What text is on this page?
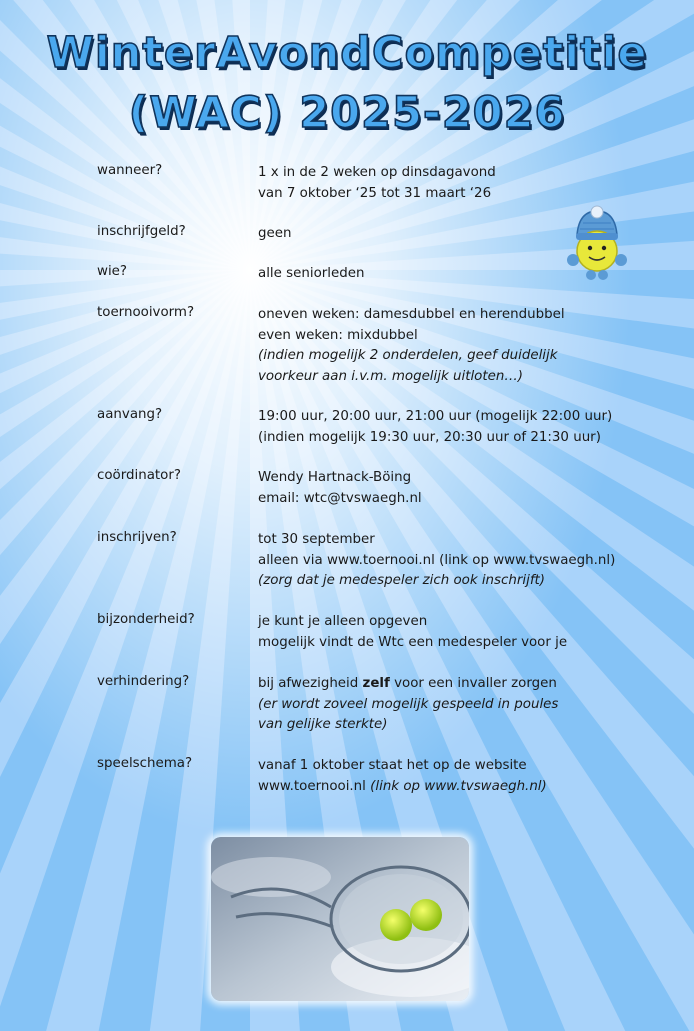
WinterAvondCompetitie
(WAC) 2025-2026
wanneer?	1 x in de 2 weken op dinsdagavond
van 7 oktober ‘25 tot 31 maart ‘26
inschrijfgeld?	geen
wie?	alle seniorleden
toernooivorm?	oneven weken: damesdubbel en herendubbel
even weken: mixdubbel
(indien mogelijk 2 onderdelen, geef duidelijk
voorkeur aan i.v.m. mogelijk uitloten…)
aanvang?	19:00 uur, 20:00 uur, 21:00 uur (mogelijk 22:00 uur)
(indien mogelijk 19:30 uur, 20:30 uur of 21:30 uur)
coördinator?	Wendy Hartnack-Böing
email: wtc@tvswaegh.nl
inschrijven?	tot 30 september
alleen via www.toernooi.nl (link op www.tvswaegh.nl)
(zorg dat je medespeler zich ook inschrijft)
bijzonderheid?	je kunt je alleen opgeven
mogelijk vindt de Wtc een medespeler voor je
verhindering?	bij afwezigheid zelf voor een invaller zorgen
(er wordt zoveel mogelijk gespeeld in poules
van gelijke sterkte)
speelschema?	vanaf 1 oktober staat het op de website
www.toernooi.nl (link op www.tvswaegh.nl)
